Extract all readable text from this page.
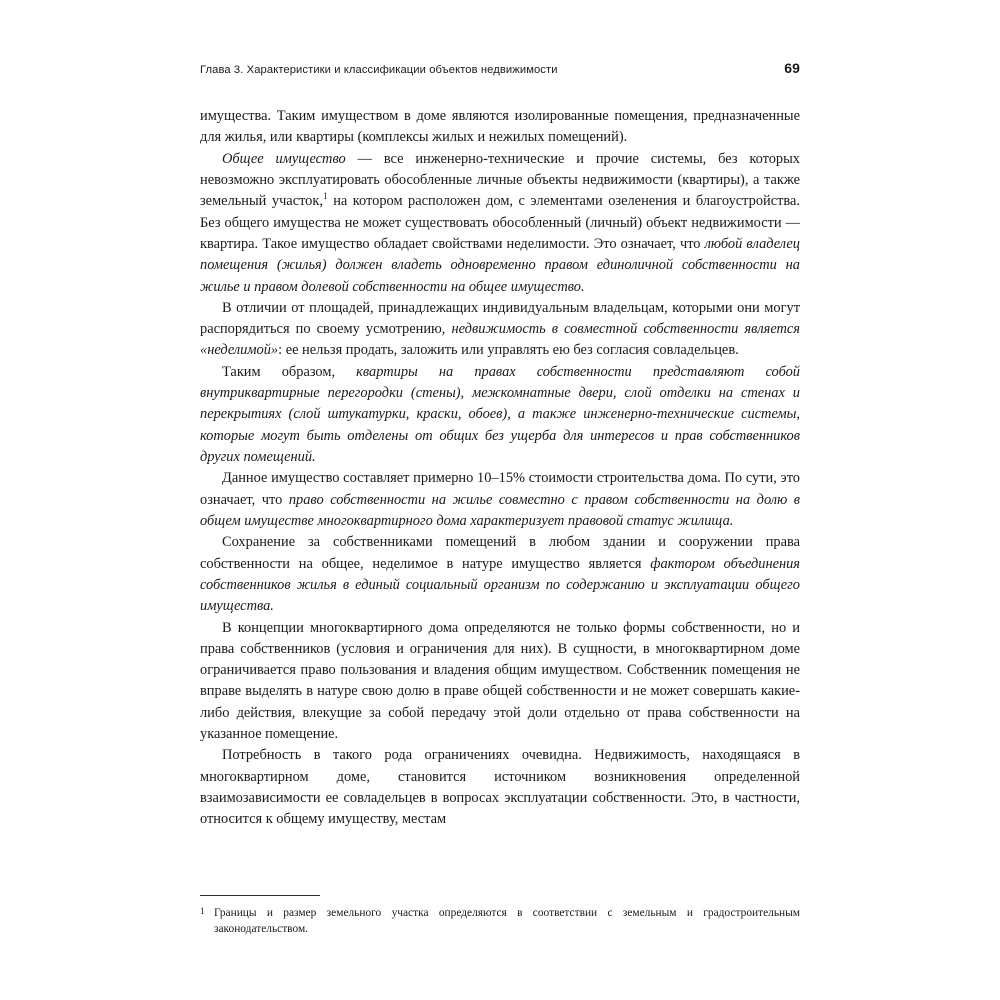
Глава 3. Характеристики и классификации объектов недвижимости	69

имущества. Таким имуществом в доме являются изолированные помещения, предназначенные для жилья, или квартиры (комплексы жилых и нежилых помещений).

Общее имущество — все инженерно-технические и прочие системы, без которых невозможно эксплуатировать обособленные личные объекты недвижимости (квартиры), а также земельный участок,$^1$ на котором расположен дом, с элементами озеленения и благоустройства. Без общего имущества не может существовать обособленный (личный) объект недвижимости — квартира. Такое имущество обладает свойствами неделимости. Это означает, что любой владелец помещения (жилья) должен владеть одновременно правом единоличной собственности на жилье и правом долевой собственности на общее имущество.

В отличии от площадей, принадлежащих индивидуальным владельцам, которыми они могут распорядиться по своему усмотрению, недвижимость в совместной собственности является «неделимой»: ее нельзя продать, заложить или управлять ею без согласия совладельцев.

Таким образом, квартиры на правах собственности представляют собой внутриквартирные перегородки (стены), межкомнатные двери, слой отделки на стенах и перекрытиях (слой штукатурки, краски, обоев), а также инженерно-технические системы, которые могут быть отделены от общих без ущерба для интересов и прав собственников других помещений.

Данное имущество составляет примерно 10–15% стоимости строительства дома. По сути, это означает, что право собственности на жилье совместно с правом собственности на долю в общем имуществе многоквартирного дома характеризует правовой статус жилища.

Сохранение за собственниками помещений в любом здании и сооружении права собственности на общее, неделимое в натуре имущество является фактором объединения собственников жилья в единый социальный организм по содержанию и эксплуатации общего имущества.

В концепции многоквартирного дома определяются не только формы собственности, но и права собственников (условия и ограничения для них). В сущности, в многоквартирном доме ограничивается право пользования и владения общим имуществом. Собственник помещения не вправе выделять в натуре свою долю в праве общей собственности и не может совершать какие-либо действия, влекущие за собой передачу этой доли отдельно от права собственности на указанное помещение.

Потребность в такого рода ограничениях очевидна. Недвижимость, находящаяся в многоквартирном доме, становится источником возникновения определенной взаимозависимости ее совладельцев в вопросах эксплуатации собственности. Это, в частности, относится к общему имуществу, местам

1 Границы и размер земельного участка определяются в соответствии с земельным и градостроительным законодательством.
